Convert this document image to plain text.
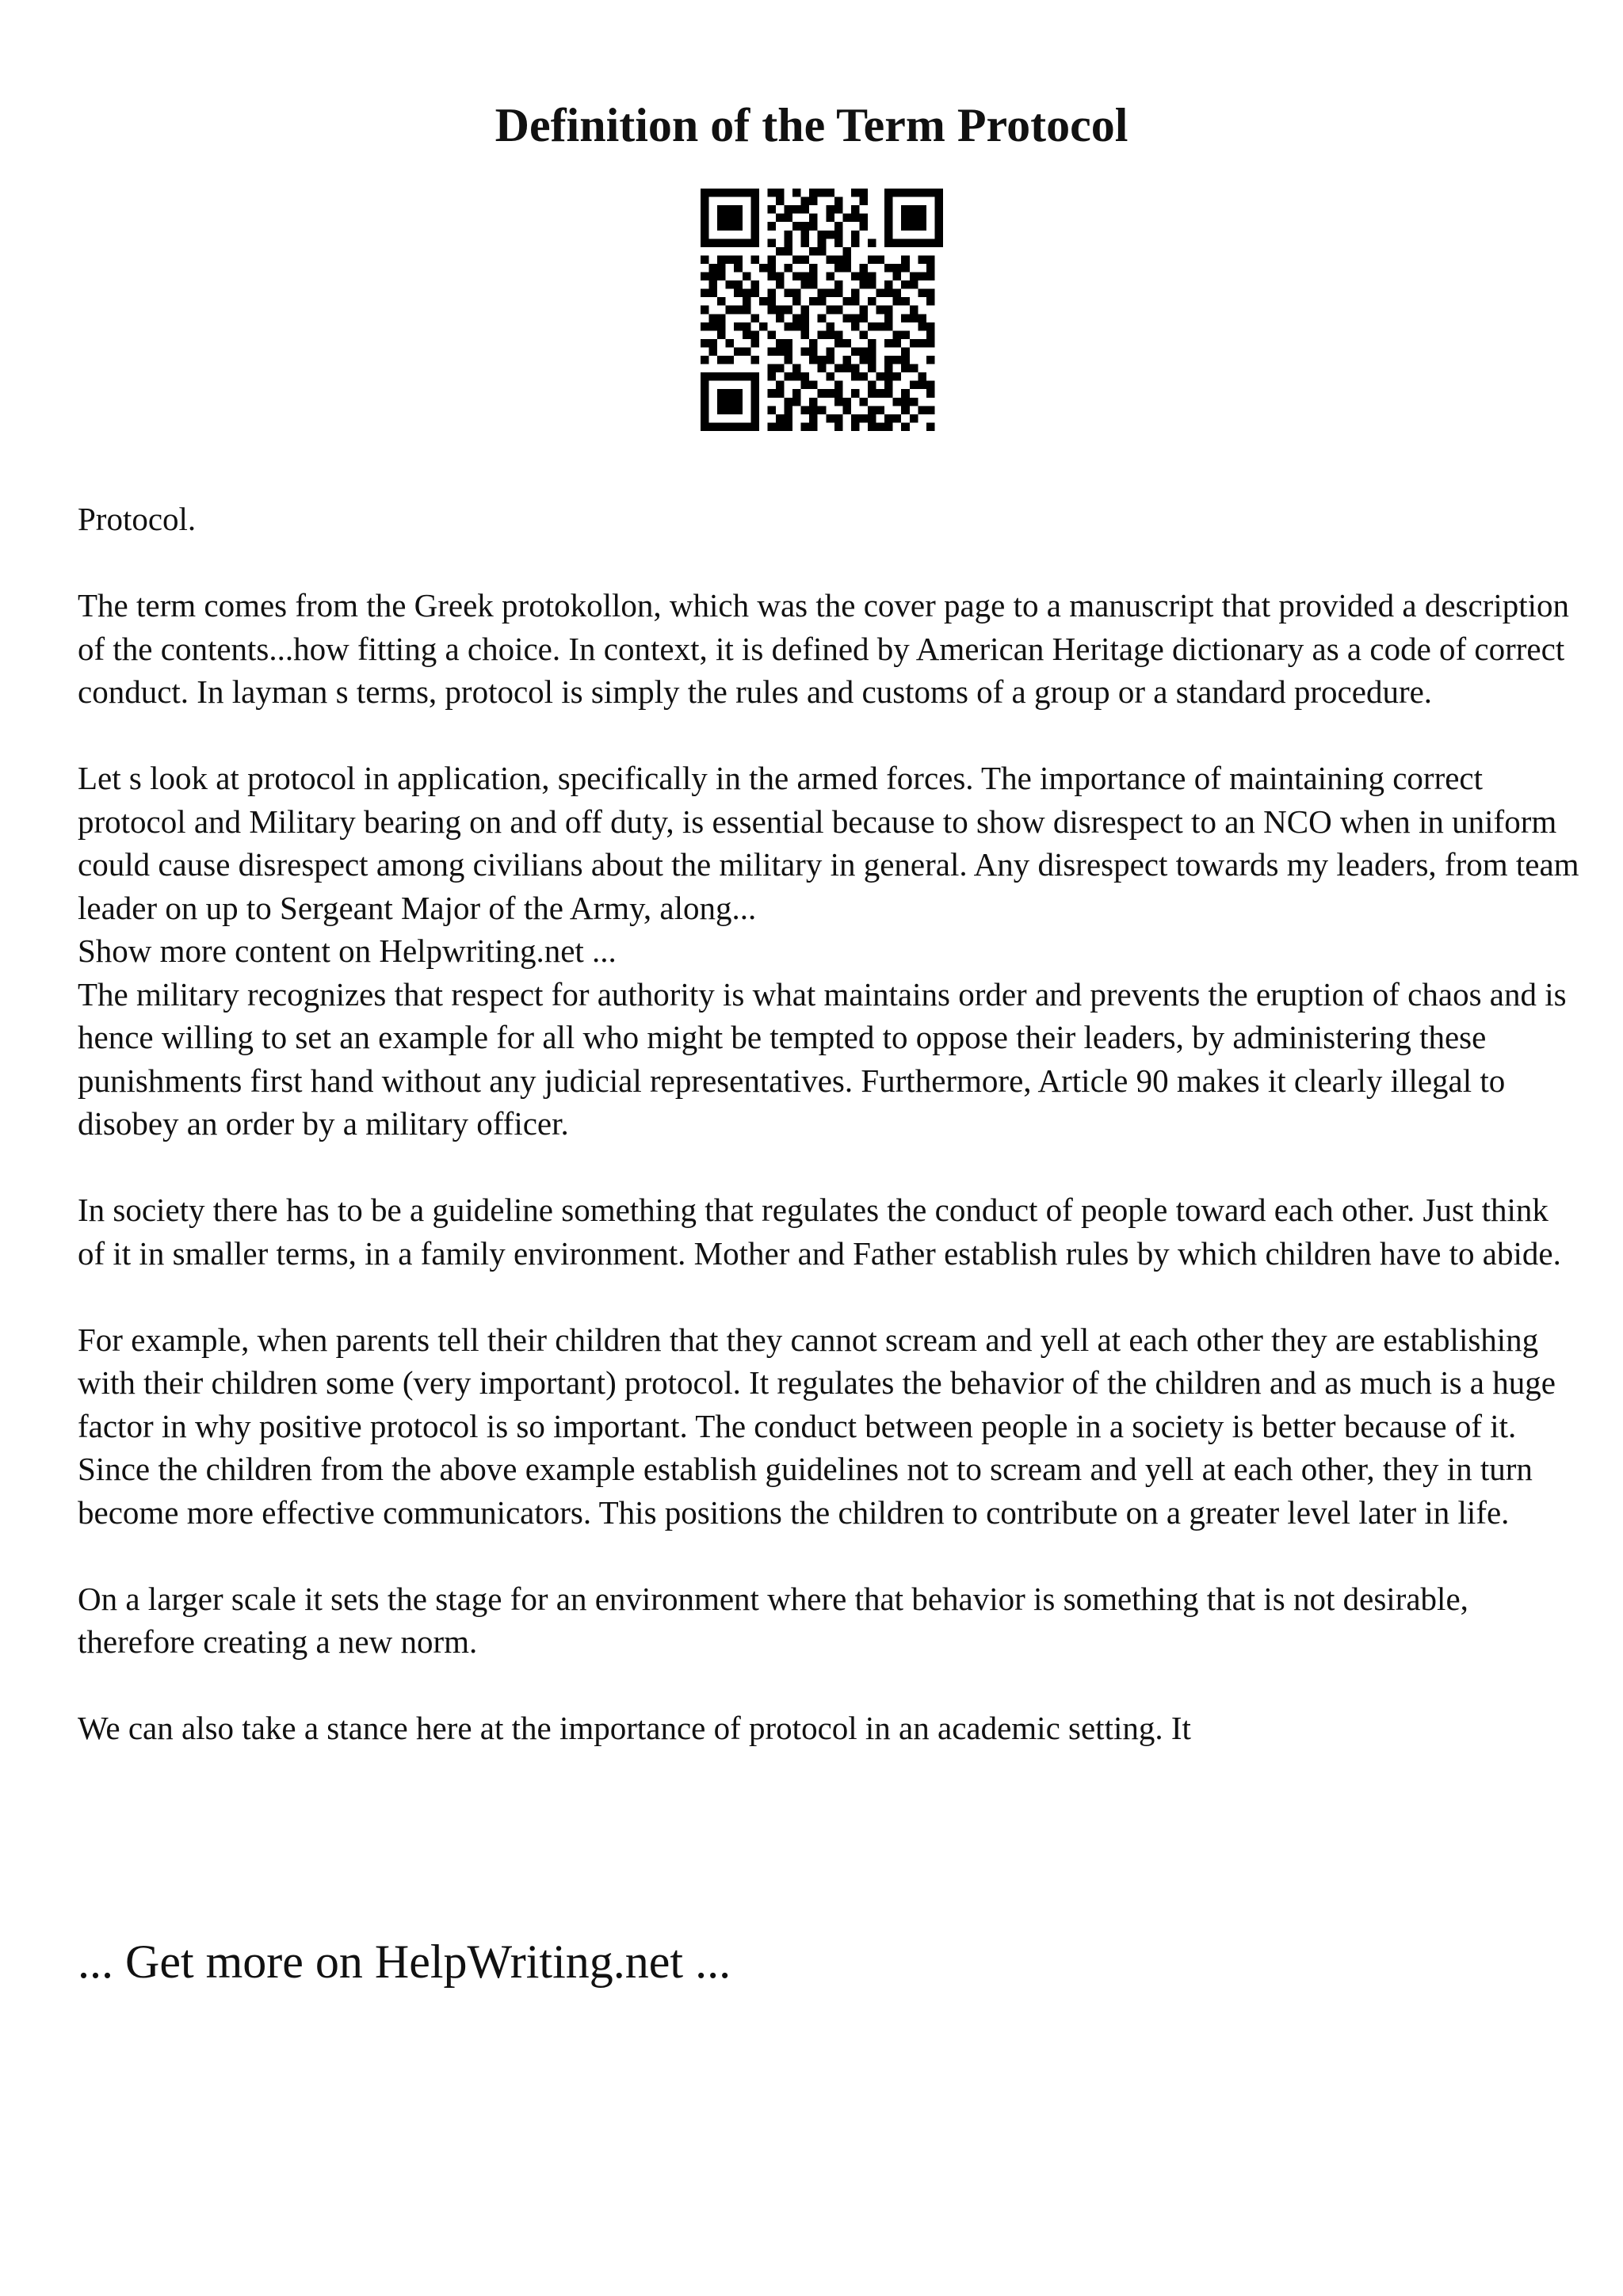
Definition of the Term Protocol

Protocol.

The term comes from the Greek protokollon, which was the cover page to a manuscript that provided a description of the contents...how fitting a choice. In context, it is defined by American Heritage dictionary as a code of correct conduct. In layman s terms, protocol is simply the rules and customs of a group or a standard procedure.

Let s look at protocol in application, specifically in the armed forces. The importance of maintaining correct protocol and Military bearing on and off duty, is essential because to show disrespect to an NCO when in uniform could cause disrespect among civilians about the military in general. Any disrespect towards my leaders, from team leader on up to Sergeant Major of the Army, along...

Show more content on Helpwriting.net ...

The military recognizes that respect for authority is what maintains order and prevents the eruption of chaos and is hence willing to set an example for all who might be tempted to oppose their leaders, by administering these punishments first hand without any judicial representatives. Furthermore, Article 90 makes it clearly illegal to disobey an order by a military officer.

In society there has to be a guideline something that regulates the conduct of people toward each other. Just think of it in smaller terms, in a family environment. Mother and Father establish rules by which children have to abide.

For example, when parents tell their children that they cannot scream and yell at each other they are establishing with their children some (very important) protocol. It regulates the behavior of the children and as much is a huge factor in why positive protocol is so important. The conduct between people in a society is better because of it. Since the children from the above example establish guidelines not to scream and yell at each other, they in turn become more effective communicators. This positions the children to contribute on a greater level later in life.

On a larger scale it sets the stage for an environment where that behavior is something that is not desirable, therefore creating a new norm.

We can also take a stance here at the importance of protocol in an academic setting. It

... Get more on HelpWriting.net ...
